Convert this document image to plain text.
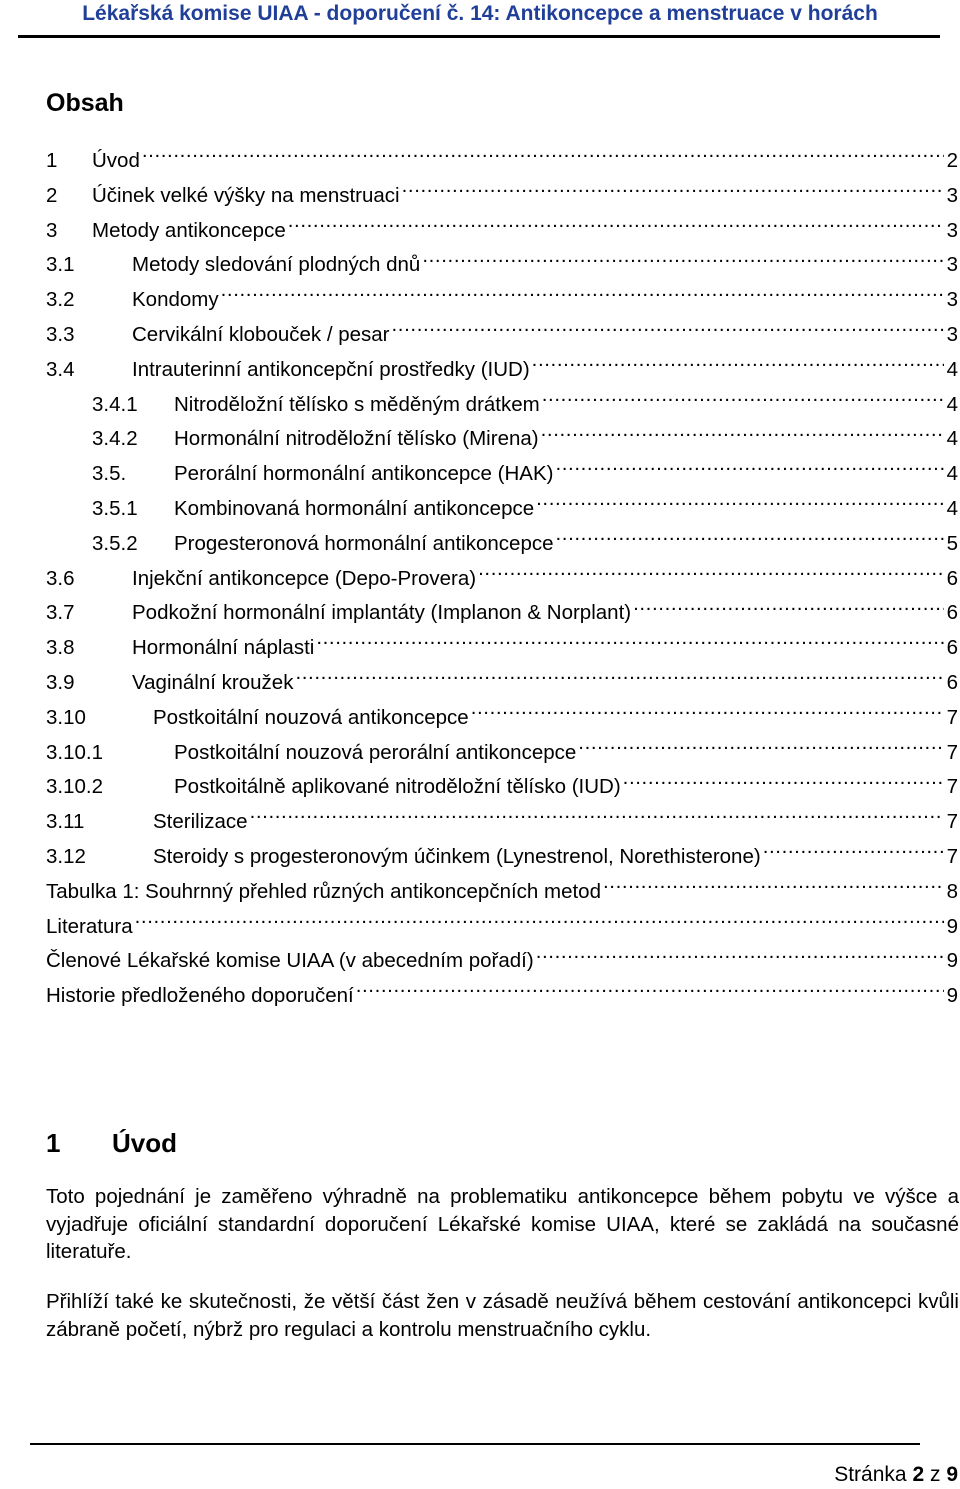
Lékařská komise UIAA - doporučení č. 14: Antikoncepce a menstruace v horách
Obsah
1	Úvod .....	2
2	Účinek velké výšky na menstruaci .....	3
3	Metody antikoncepce .....	3
3.1	Metody sledování plodných dnů .....	3
3.2	Kondomy .....	3
3.3	Cervikální klobouček / pesar .....	3
3.4	Intrauterinní antikoncepční prostředky (IUD) .....	4
3.4.1	Nitroděložní tělísko s měděným drátkem .....	4
3.4.2	Hormonální nitroděložní tělísko (Mirena) .....	4
3.5.	Perorální hormonální antikoncepce (HAK) .....	4
3.5.1	Kombinovaná hormonální antikoncepce .....	4
3.5.2	Progesteronová hormonální antikoncepce .....	5
3.6	Injekční antikoncepce (Depo-Provera) .....	6
3.7	Podkožní hormonální implantáty (Implanon & Norplant) .....	6
3.8	Hormonální náplasti .....	6
3.9	Vaginální kroužek .....	6
3.10	Postkoitální nouzová antikoncepce .....	7
3.10.1	Postkoitální nouzová perorální antikoncepce .....	7
3.10.2	Postkoitálně aplikované nitroděložní tělísko (IUD) .....	7
3.11	Sterilizace .....	7
3.12	Steroidy s progesteronovým účinkem (Lynestrenol, Norethisterone) .....	7
Tabulka 1: Souhrnný přehled různých antikoncepčních metod .....	8
Literatura .....	9
Členové Lékařské komise UIAA (v abecedním pořadí) .....	9
Historie předloženého doporučení .....	9
1 Úvod

Toto pojednání je zaměřeno výhradně na problematiku antikoncepce během pobytu ve výšce a vyjadřuje oficiální standardní doporučení Lékařské komise UIAA, které se zakládá na současné literatuře.

Přihlíží také ke skutečnosti, že větší část žen v zásadě neužívá během cestování antikoncepci kvůli zábraně početí, nýbrž pro regulaci a kontrolu menstruačního cyklu.

Stránka 2 z 9
